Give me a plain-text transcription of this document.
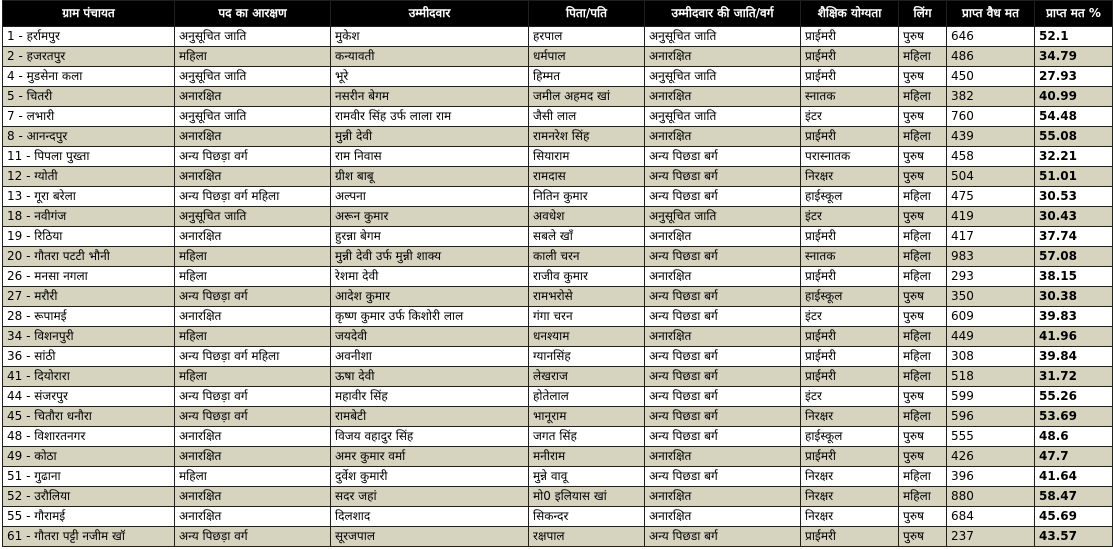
ग्राम पंचायत	पद का आरक्षण	उम्मीदवार	पिता/पति	उम्मीदवार की जाति/वर्ग	शैक्षिक योग्यता	लिंग	प्राप्त वैध मत	प्राप्त मत %
1 - हर्रामपुर	अनुसूचित जाति	मुकेश	हरपाल	अनुसूचित जाति	प्राईमरी	पुरुष	646	52.1
2 - हजरतपुर	महिला	कन्यावती	धर्मपाल	अनारक्षित	प्राईमरी	महिला	486	34.79
4 - मुडसेना कला	अनुसूचित जाति	भूरे	हिम्मत	अनुसूचित जाति	प्राईमरी	पुरुष	450	27.93
5 - चितरी	अनारक्षित	नसरीन बेगम	जमील अहमद खां	अनारक्षित	स्नातक	महिला	382	40.99
7 - लभारी	अनुसूचित जाति	रामवीर सिंह उर्फ लाला राम	जैसी लाल	अनुसूचित जाति	इंटर	पुरुष	760	54.48
8 - आनन्दपुर	अनारक्षित	मुन्नी देवी	रामनरेश सिंह	अनारक्षित	प्राईमरी	महिला	439	55.08
11 - पिपला पुख्ता	अन्य पिछड़ा वर्ग	राम निवास	सियाराम	अन्य पिछडा बर्ग	परास्नातक	पुरुष	458	32.21
12 - ग्योती	अनारक्षित	ग्रीश बाबू	रामदास	अन्य पिछडा बर्ग	निरक्षर	पुरुष	504	51.01
13 - गूरा बरेला	अन्य पिछड़ा वर्ग महिला	अल्पना	नितिन कुमार	अन्य पिछडा बर्ग	हाईस्कूल	महिला	475	30.53
18 - नवीगंज	अनुसूचित जाति	अरून कुमार	अवधेश	अनुसूचित जाति	इंटर	पुरुष	419	30.43
19 - रिठिया	अनारक्षित	हुरन्ना बेगम	सबले खाँ	अनारक्षित	प्राईमरी	महिला	417	37.74
20 - गौतरा पटटी भौनी	महिला	मुन्नी देवी उर्फ मुन्नी शाक्य	काली चरन	अन्य पिछडा बर्ग	स्नातक	महिला	983	57.08
26 - मनसा नगला	महिला	रेशमा देवी	राजीव कुमार	अनारक्षित	प्राईमरी	महिला	293	38.15
27 - मरौरी	अन्य पिछड़ा वर्ग	आदेश कुमार	रामभरोसे	अन्य पिछडा बर्ग	हाईस्कूल	पुरुष	350	30.38
28 - रूपामई	अनारक्षित	कृष्ण कुमार उर्फ किशोरी लाल	गंगा चरन	अन्य पिछडा बर्ग	इंटर	पुरुष	609	39.83
34 - विशनपुरी	महिला	जयदेवी	धनश्याम	अनारक्षित	प्राईमरी	महिला	449	41.96
36 - सांठी	अन्य पिछड़ा वर्ग महिला	अवनीशा	ग्यानसिंह	अन्य पिछडा बर्ग	प्राईमरी	महिला	308	39.84
41 - दियोरारा	महिला	ऊषा देवी	लेखराज	अन्य पिछडा बर्ग	प्राईमरी	महिला	518	31.72
44 - संजरपुर	अन्य पिछड़ा वर्ग	महावीर सिंह	होतेलाल	अन्य पिछडा बर्ग	इंटर	पुरुष	599	55.26
45 - चितौरा धनौरा	अन्य पिछड़ा वर्ग	रामबेटी	भानूराम	अन्य पिछडा बर्ग	निरक्षर	महिला	596	53.69
48 - विशारतनगर	अनारक्षित	विजय वहादुर सिंह	जगत सिंह	अन्य पिछडा बर्ग	हाईस्कूल	पुरुष	555	48.6
49 - कोठा	अनारक्षित	अमर कुमार वर्मा	मनीराम	अनारक्षित	प्राईमरी	पुरुष	426	47.7
51 - गुढाना	महिला	दुर्वेश कुमारी	मुन्ने वावू	अन्य पिछडा बर्ग	निरक्षर	महिला	396	41.64
52 - उरौलिया	अनारक्षित	सदर जहां	मो0 इलियास खां	अनारक्षित	निरक्षर	महिला	880	58.47
55 - गौरामई	अनारक्षित	दिलशाद	सिकन्दर	अनारक्षित	निरक्षर	पुरुष	684	45.69
61 - गौतरा पट्टी नजीम खॉ	अन्य पिछड़ा वर्ग	सूरजपाल	रक्षपाल	अन्य पिछडा बर्ग	प्राईमरी	पुरुष	237	43.57
